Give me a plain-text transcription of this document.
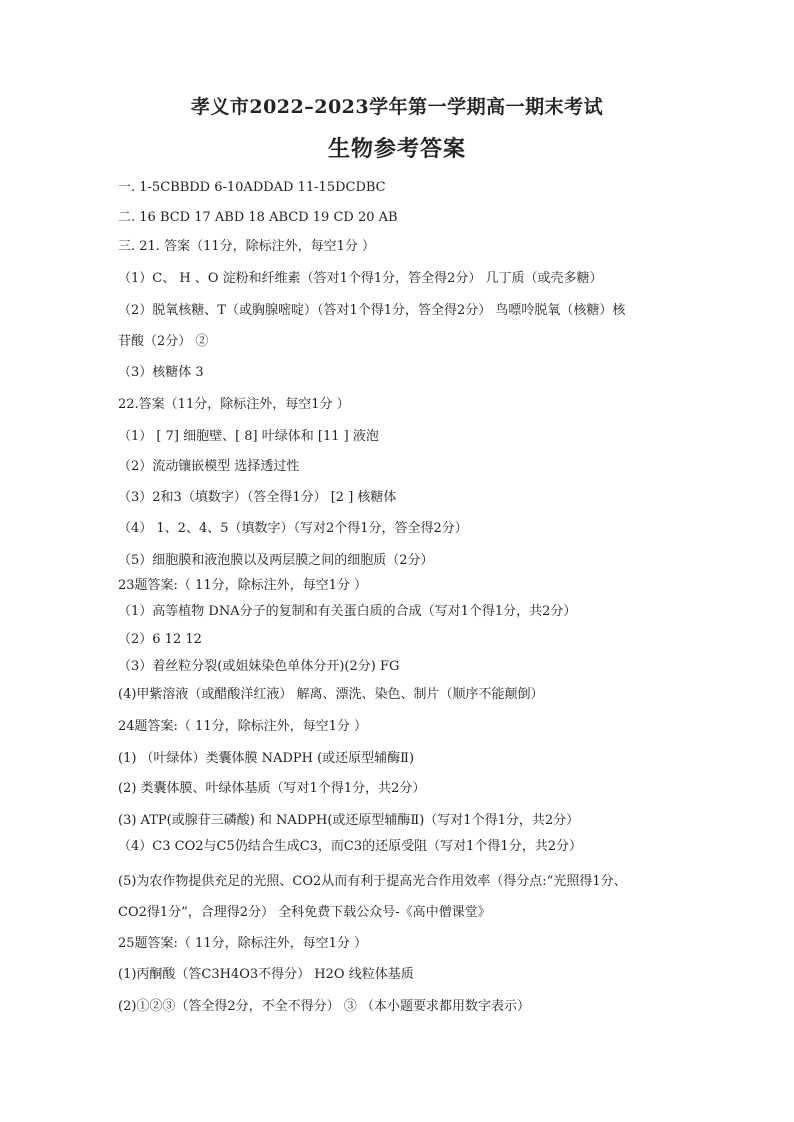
孝义市2022–2023学年第一学期高一期末考试
生物参考答案
一. 1-5CBBDD 6-10ADDAD 11-15DCDBC
二. 16 BCD 17 ABD 18 ABCD 19 CD 20 AB
三. 21. 答案（11分，除标注外，每空1分 ）
（1）C、 H 、O 淀粉和纤维素（答对1个得1分，答全得2分） 几丁质（或壳多糖）
（2）脱氧核糖、T（或胸腺嘧啶）（答对1个得1分，答全得2分） 鸟嘌呤脱氧（核糖）核
苷酸（2分） ②
（3）核糖体 3
22.答案（11分，除标注外，每空1分 ）
（1） [ 7] 细胞壁、[ 8] 叶绿体和 [11 ] 液泡
（2）流动镶嵌模型 选择透过性
（3）2和3（填数字）（答全得1分） [2 ] 核糖体
（4） 1、2、4、5（填数字）（写对2个得1分，答全得2分）
（5）细胞膜和液泡膜以及两层膜之间的细胞质（2分）
23题答案:（ 11分，除标注外，每空1分 ）
（1）高等植物 DNA分子的复制和有关蛋白质的合成（写对1个得1分，共2分）
（2）6 12 12
（3）着丝粒分裂(或姐妹染色单体分开)(2分) FG
(4)甲紫溶液（或醋酸洋红液） 解离、漂洗、染色、制片（顺序不能颠倒）
24题答案:（ 11分，除标注外，每空1分 ）
(1) （叶绿体）类囊体膜 NADPH (或还原型辅酶Ⅱ)
(2) 类囊体膜、叶绿体基质（写对1个得1分，共2分）
(3) ATP(或腺苷三磷酸) 和 NADPH(或还原型辅酶Ⅱ)（写对1个得1分，共2分）
（4）C3 CO2与C5仍结合生成C3，而C3的还原受阻（写对1个得1分，共2分）
(5)为农作物提供充足的光照、CO2从而有利于提高光合作用效率（得分点:“光照得1分、
CO2得1分”，合理得2分） 全科免费下载公众号-《高中僧课堂》
25题答案:（ 11分，除标注外，每空1分 ）
(1)丙酮酸（答C3H4O3不得分） H2O 线粒体基质
(2)①②③（答全得2分，不全不得分） ③ （本小题要求都用数字表示）
